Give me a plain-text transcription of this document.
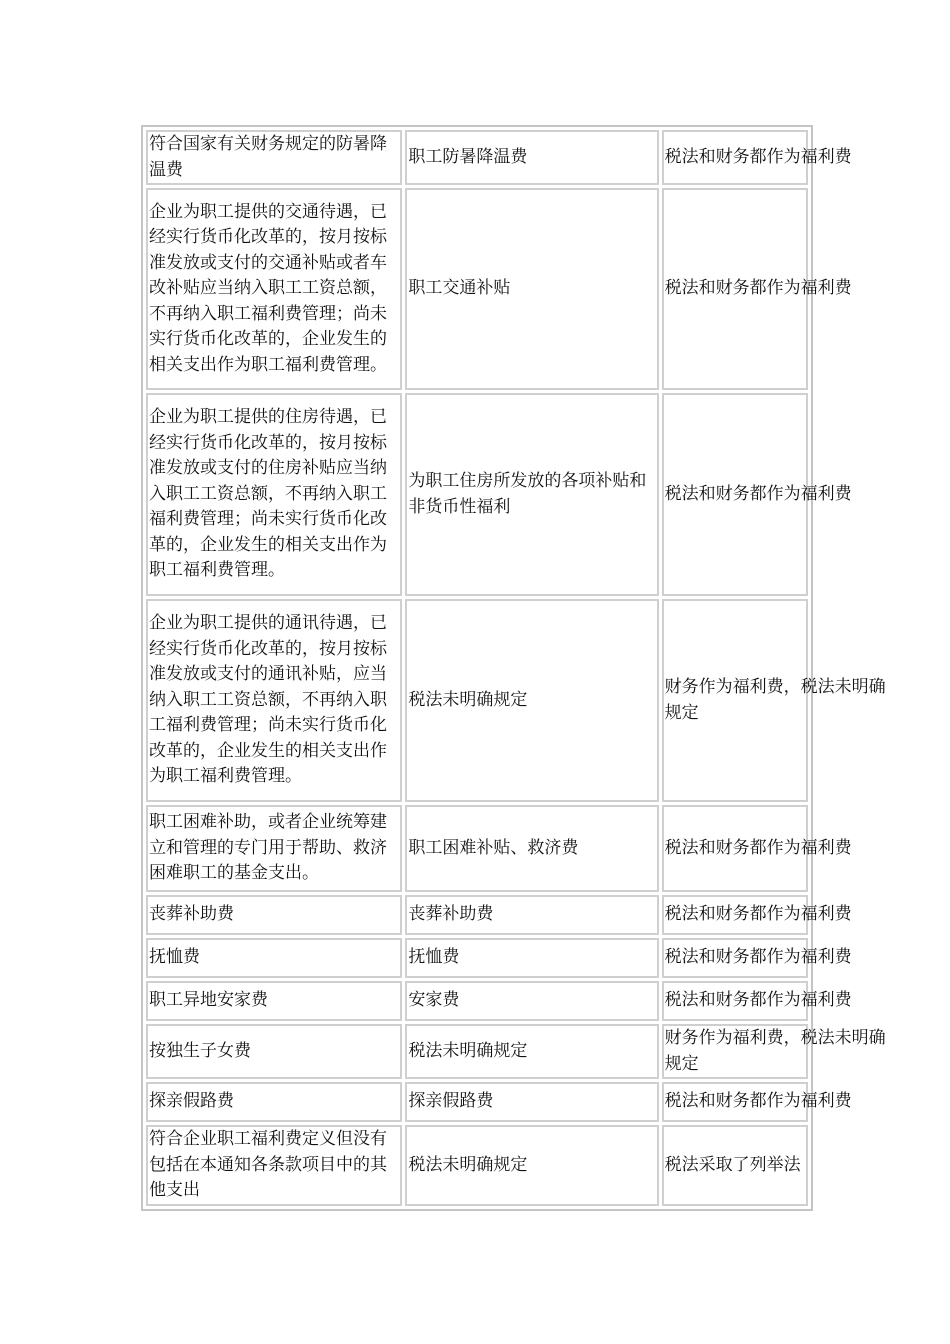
符合国家有关财务规定的防暑降温费	职工防暑降温费	税法和财务都作为福利费
企业为职工提供的交通待遇，已经实行货币化改革的，按月按标准发放或支付的交通补贴或者车改补贴应当纳入职工工资总额，不再纳入职工福利费管理；尚未实行货币化改革的，企业发生的相关支出作为职工福利费管理。	职工交通补贴	税法和财务都作为福利费
企业为职工提供的住房待遇，已经实行货币化改革的，按月按标准发放或支付的住房补贴应当纳入职工工资总额，不再纳入职工福利费管理；尚未实行货币化改革的，企业发生的相关支出作为职工福利费管理。	为职工住房所发放的各项补贴和非货币性福利	税法和财务都作为福利费
企业为职工提供的通讯待遇，已经实行货币化改革的，按月按标准发放或支付的通讯补贴，应当纳入职工工资总额，不再纳入职工福利费管理；尚未实行货币化改革的，企业发生的相关支出作为职工福利费管理。	税法未明确规定	财务作为福利费，税法未明确规定
职工困难补助，或者企业统筹建立和管理的专门用于帮助、救济困难职工的基金支出。	职工困难补贴、救济费	税法和财务都作为福利费
丧葬补助费	丧葬补助费	税法和财务都作为福利费
抚恤费	抚恤费	税法和财务都作为福利费
职工异地安家费	安家费	税法和财务都作为福利费
按独生子女费	税法未明确规定	财务作为福利费，税法未明确规定
探亲假路费	探亲假路费	税法和财务都作为福利费
符合企业职工福利费定义但没有包括在本通知各条款项目中的其他支出	税法未明确规定	税法采取了列举法
